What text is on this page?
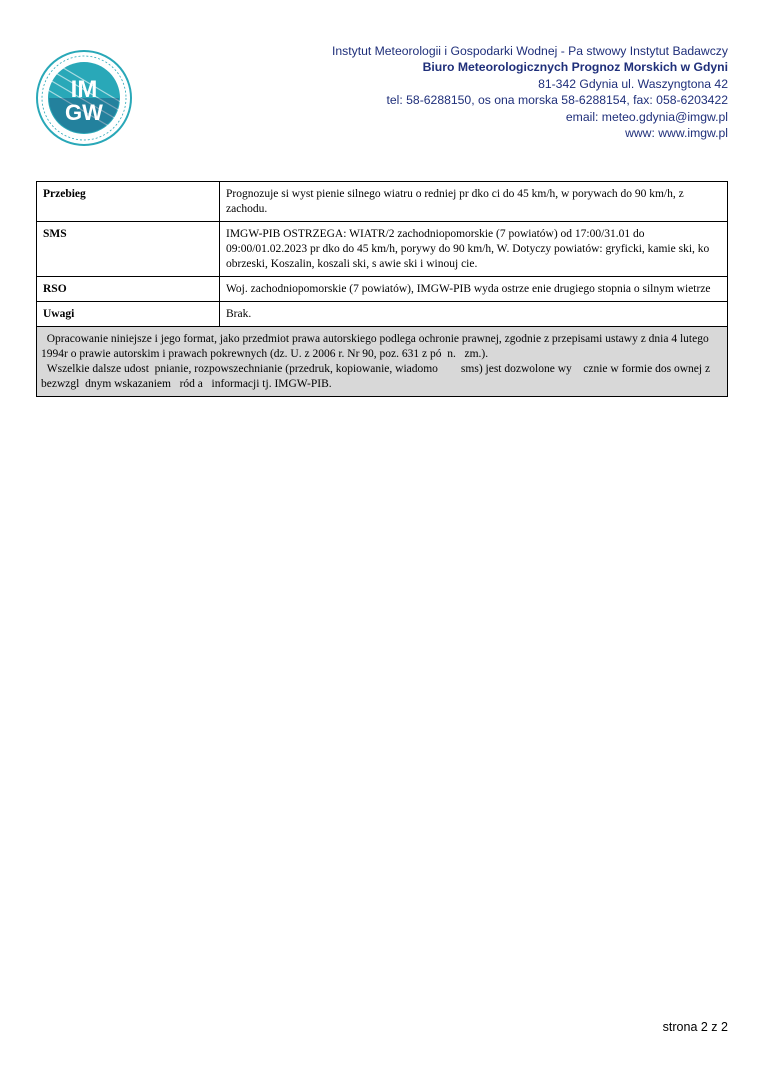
IM
GW
Instytut Meteorologii i Gospodarki Wodnej - Pa stwowy Instytut Badawczy
Biuro Meteorologicznych Prognoz Morskich w Gdyni
81-342 Gdynia ul. Waszyngtona 42
tel: 58-6288150, os ona morska 58-6288154, fax: 058-6203422
email: meteo.gdynia@imgw.pl
www: www.imgw.pl
Przebieg	Prognozuje si wyst pienie silnego wiatru o redniej pr dko ci do 45 km/h, w porywach do 90 km/h, z zachodu.
SMS	IMGW-PIB OSTRZEGA: WIATR/2 zachodniopomorskie (7 powiatów) od 17:00/31.01 do 09:00/01.02.2023 pr dko do 45 km/h, porywy do 90 km/h, W. Dotyczy powiatów: gryficki, kamie ski, ko obrzeski, Koszalin, koszali ski, s awie ski i winouj cie.
RSO	Woj. zachodniopomorskie (7 powiatów), IMGW-PIB wyda ostrze enie drugiego stopnia o silnym wietrze
Uwagi	Brak.

Opracowanie niniejsze i jego format, jako przedmiot prawa autorskiego podlega ochronie prawnej, zgodnie z przepisami ustawy z dnia 4 lutego 1994r o prawie autorskim i prawach pokrewnych (dz. U. z 2006 r. Nr 90, poz. 631 z pó  n.   zm.).
Wszelkie dalsze udost  pnianie, rozpowszechnianie (przedruk, kopiowanie, wiadomo        sms) jest dozwolone wy    cznie w formie dos ownej z bezwzgl  dnym wskazaniem   ród a   informacji tj. IMGW-PIB.	
strona 2 z 2
